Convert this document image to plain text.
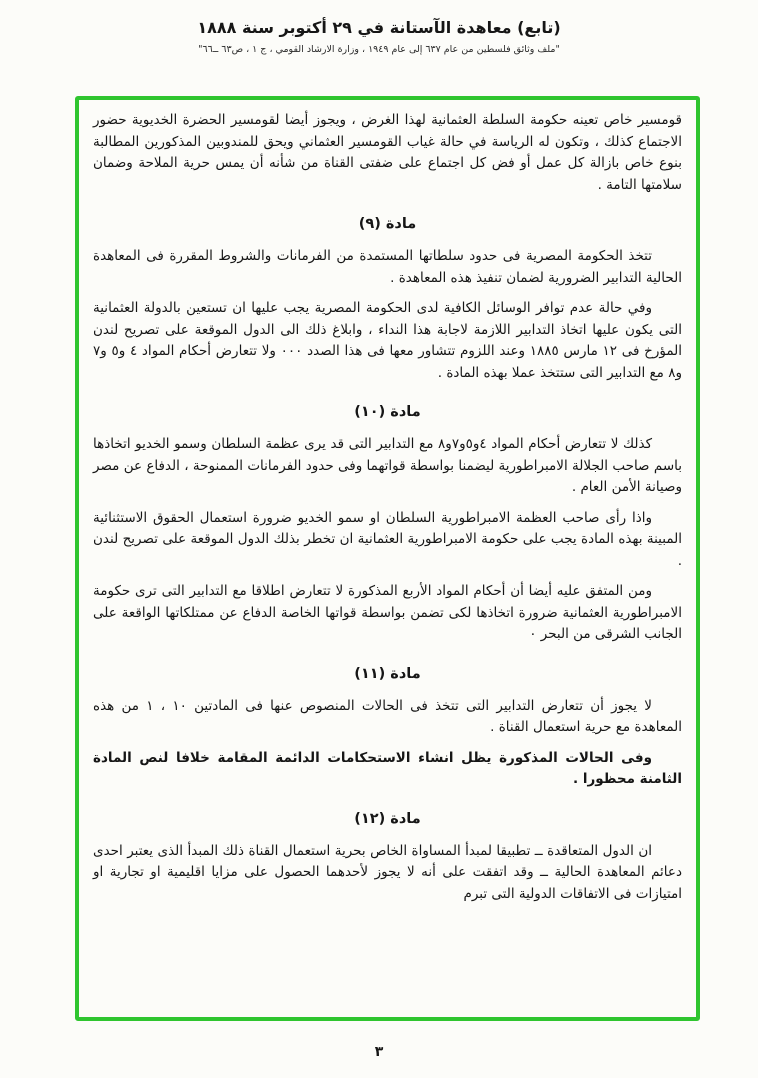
(تابع) معاهدة الآستانة في ٢٩ أكتوبر سنة ١٨٨٨
"ملف وثائق فلسطين من عام ٦٣٧ إلى عام ١٩٤٩ ، وزارة الارشاد القومي ، ج ١ ، ص٦٣ ــ٦٦"

قومسير خاص تعينه حكومة السلطة العثمانية لهذا الغرض ، ويجوز أيضا لقومسير الحضرة الخديوية حضور الاجتماع كذلك ، وتكون له الرياسة في حالة غياب القومسير العثماني ويحق للمندوبين المذكورين المطالبة بنوع خاص بازالة كل عمل أو فض كل اجتماع على ضفتى القناة من شأنه أن يمس حرية الملاحة وضمان سلامتها التامة .

مادة (٩)

تتخذ الحكومة المصرية فى حدود سلطاتها المستمدة من الفرمانات والشروط المقررة فى المعاهدة الحالية التدابير الضرورية لضمان تنفيذ هذه المعاهدة .

وفي حالة عدم توافر الوسائل الكافية لدى الحكومة المصرية يجب عليها ان تستعين بالدولة العثمانية التى يكون عليها اتخاذ التدابير اللازمة لاجابة هذا النداء ، وابلاغ ذلك الى الدول الموقعة على تصريح لندن المؤرخ فى ١٢ مارس ١٨٨٥ وعند اللزوم تتشاور معها فى هذا الصدد ٠٠٠ ولا تتعارض أحكام المواد ٤ و٥ و٧ و٨ مع التدابير التى ستتخذ عملا بهذه المادة .

مادة (١٠)

كذلك لا تتعارض أحكام المواد ٤و٥و٧و٨ مع التدابير التى قد يرى عظمة السلطان وسمو الخديو اتخاذها باسم صاحب الجلالة الامبراطورية ليضمنا بواسطة قواتهما وفى حدود الفرمانات الممنوحة ، الدفاع عن مصر وصيانة الأمن العام .

واذا رأى صاحب العظمة الامبراطورية السلطان او سمو الخديو ضرورة استعمال الحقوق الاستثنائية المبينة بهذه المادة يجب على حكومة الامبراطورية العثمانية ان تخطر بذلك الدول الموقعة على تصريح لندن .

ومن المتفق عليه أيضا أن أحكام المواد الأربع المذكورة لا تتعارض اطلاقا مع التدابير التى ترى حكومة الامبراطورية العثمانية ضرورة اتخاذها لكى تضمن بواسطة قواتها الخاصة الدفاع عن ممتلكاتها الواقعة على الجانب الشرقى من البحر ٠

مادة (١١)

لا يجوز أن تتعارض التدابير التى تتخذ فى الحالات المنصوص عنها فى المادتين ١٠ ، ١ من هذه المعاهدة مع حرية استعمال القناة .

وفى الحالات المذكورة يظل انشاء الاستحكامات الدائمة المقامة خلافا لنص المادة الثامنة محظورا .

مادة (١٢)

ان الدول المتعاقدة ــ تطبيقا لمبدأ المساواة الخاص بحرية استعمال القناة ذلك المبدأ الذى يعتبر احدى دعائم المعاهدة الحالية ــ وقد اتفقت على أنه لا يجوز لأحدهما الحصول على مزايا اقليمية او تجارية او امتيازات فى الاتفاقات الدولية التى تبرم

٣
